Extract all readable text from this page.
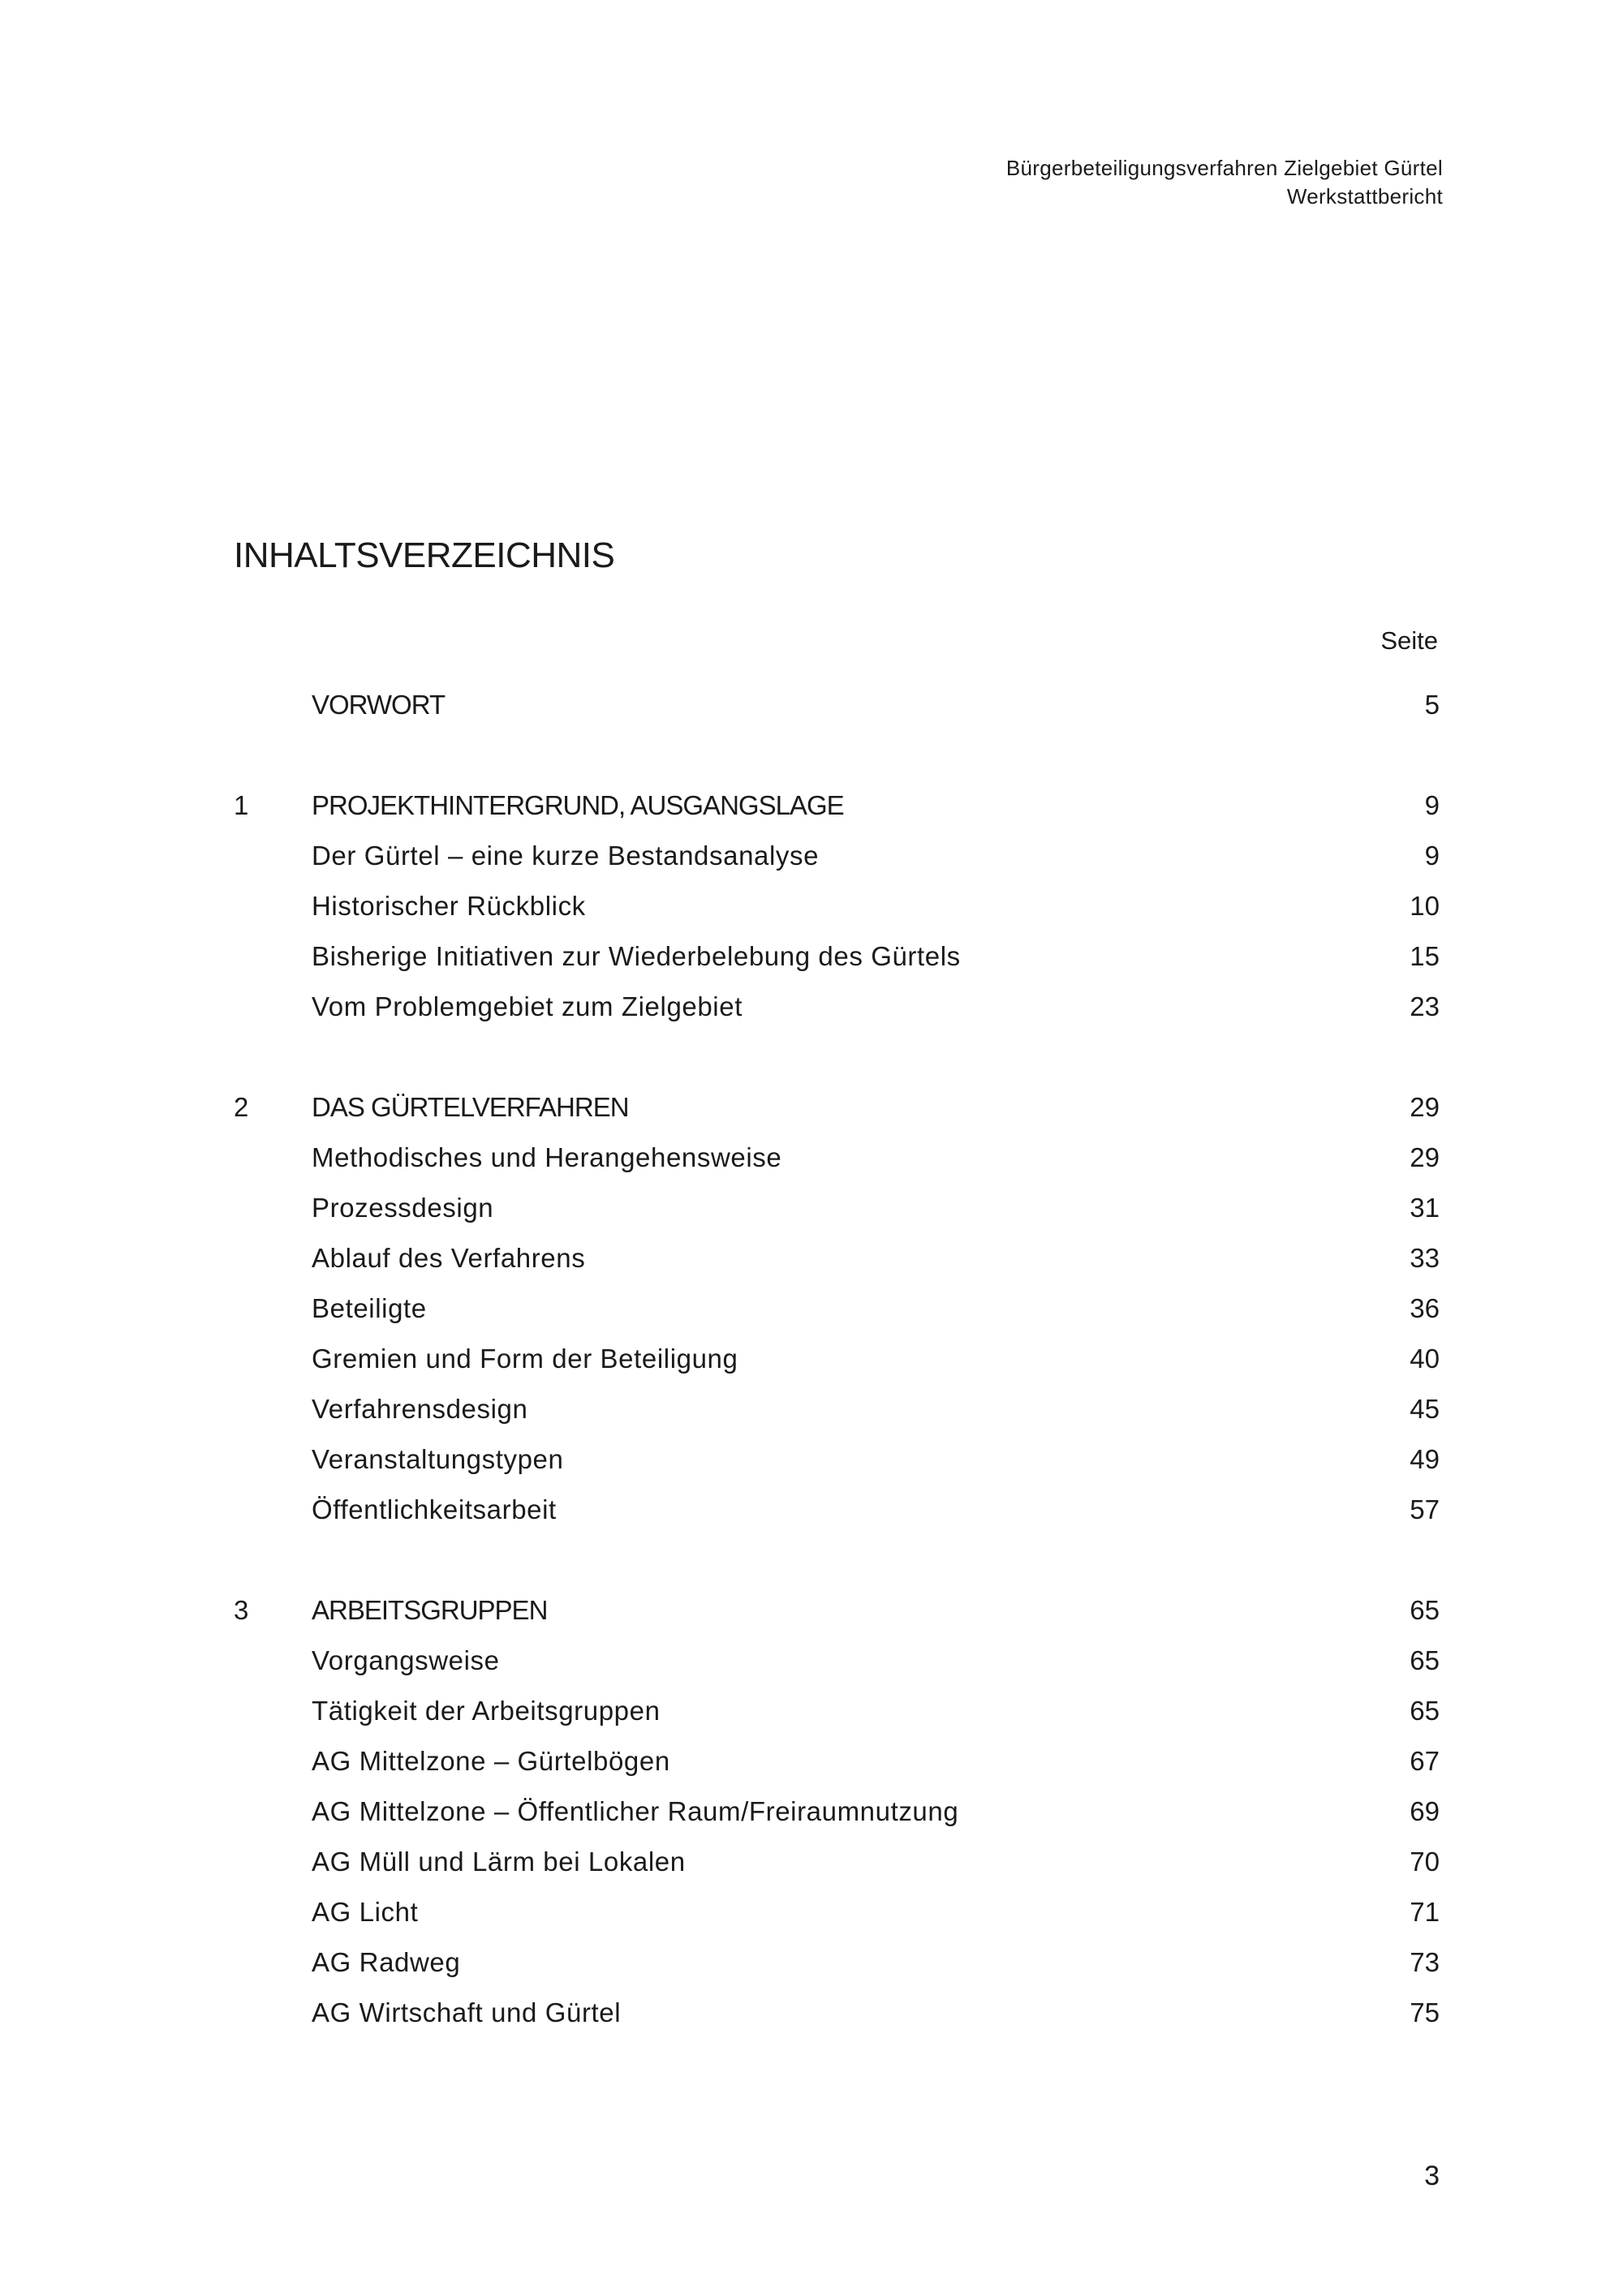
Bürgerbeteiligungsverfahren Zielgebiet Gürtel
Werkstattbericht
INHALTSVERZEICHNIS
Seite
VORWORT	5
1 PROJEKTHINTERGRUND, AUSGANGSLAGE	9
Der Gürtel – eine kurze Bestandsanalyse	9
Historischer Rückblick	10
Bisherige Initiativen zur Wiederbelebung des Gürtels	15
Vom Problemgebiet zum Zielgebiet	23
2 DAS GÜRTELVERFAHREN	29
Methodisches und Herangehensweise	29
Prozessdesign	31
Ablauf des Verfahrens	33
Beteiligte	36
Gremien und Form der Beteiligung	40
Verfahrensdesign	45
Veranstaltungstypen	49
Öffentlichkeitsarbeit	57
3 ARBEITSGRUPPEN	65
Vorgangsweise	65
Tätigkeit der Arbeitsgruppen	65
AG Mittelzone – Gürtelbögen	67
AG Mittelzone – Öffentlicher Raum/Freiraumnutzung	69
AG Müll und Lärm bei Lokalen	70
AG Licht	71
AG Radweg	73
AG Wirtschaft und Gürtel	75
3
